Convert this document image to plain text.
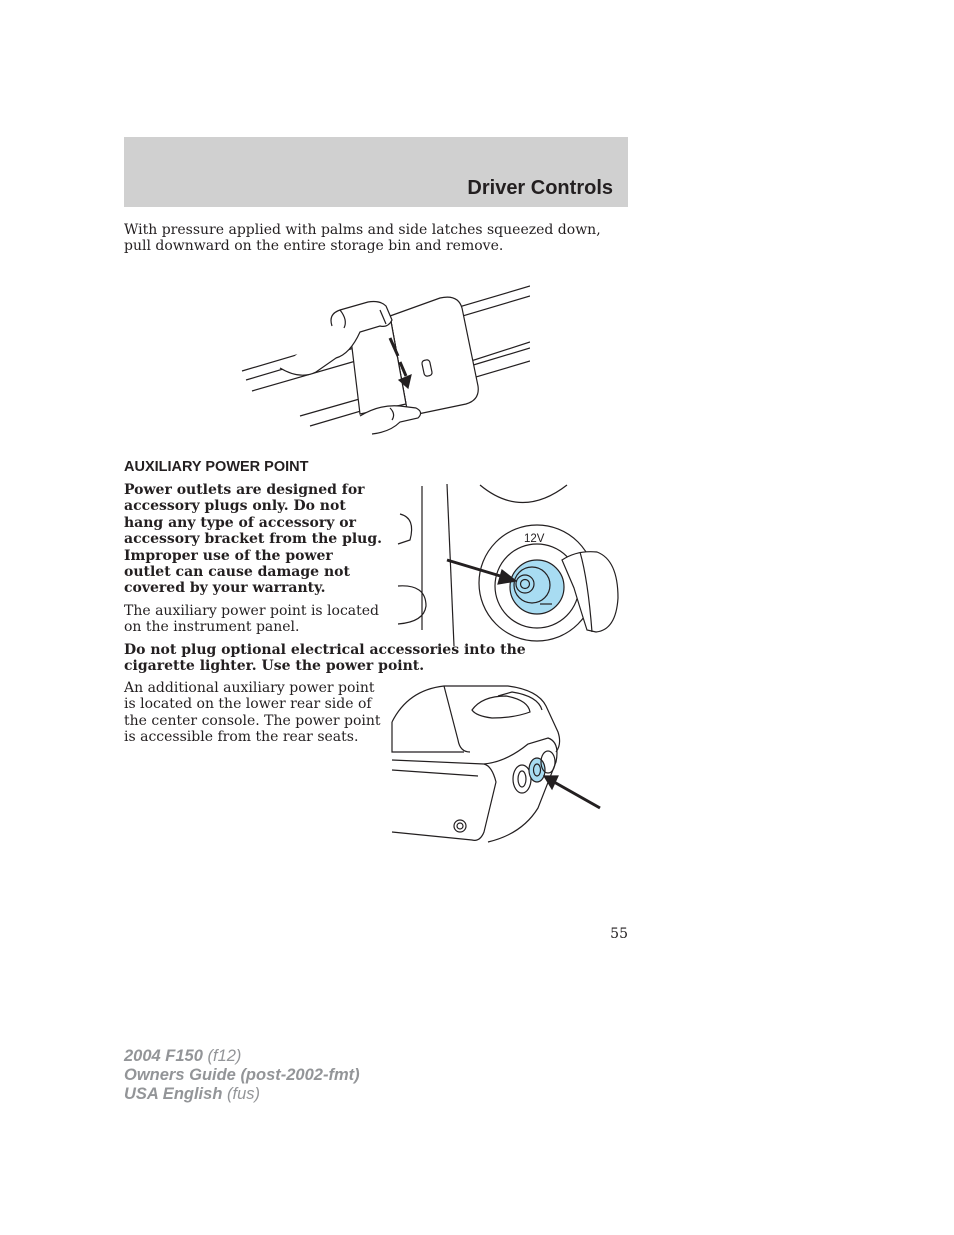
Driver Controls

With pressure applied with palms and side latches squeezed down, pull downward on the entire storage bin and remove.

AUXILIARY POWER POINT

Power outlets are designed for accessory plugs only. Do not hang any type of accessory or accessory bracket from the plug. Improper use of the power outlet can cause damage not covered by your warranty.

The auxiliary power point is located on the instrument panel.

12V

Do not plug optional electrical accessories into the cigarette lighter. Use the power point.

An additional auxiliary power point is located on the lower rear side of the center console. The power point is accessible from the rear seats.

55

2004 F150 (f12)
Owners Guide (post-2002-fmt)
USA English (fus)
